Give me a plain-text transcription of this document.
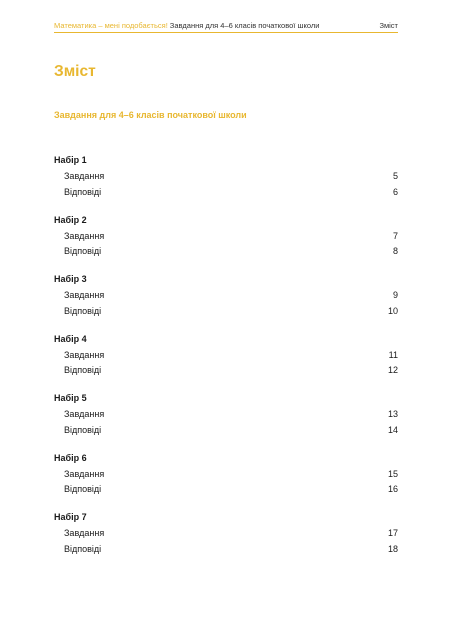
Математика – мені подобається! Завдання для 4–6 класів початкової школи	Зміст
Зміст
Завдання для 4–6 класів початкової школи
Набір 1
Завдання	5
Відповіді	6
Набір 2
Завдання	7
Відповіді	8
Набір 3
Завдання	9
Відповіді	10
Набір 4
Завдання	11
Відповіді	12
Набір 5
Завдання	13
Відповіді	14
Набір 6
Завдання	15
Відповіді	16
Набір 7
Завдання	17
Відповіді	18
